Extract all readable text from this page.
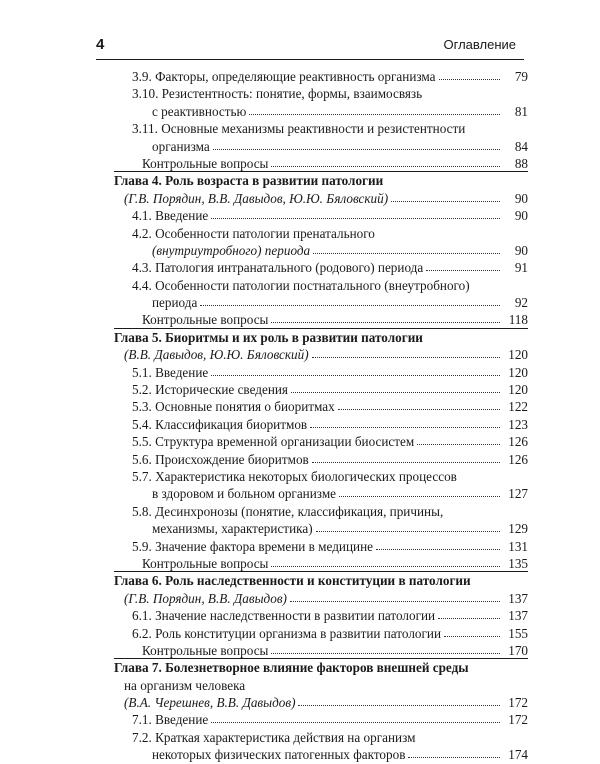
4	Оглавление
3.9. Факторы, определяющие реактивность организма	79
3.10. Резистентность: понятие, формы, взаимосвязь
с реактивностью	81
3.11. Основные механизмы реактивности и резистентности
организма	84
Контрольные вопросы	88
Глава 4. Роль возраста в развитии патологии
(Г.В. Порядин, В.В. Давыдов, Ю.Ю. Бяловский)	90
4.1. Введение	90
4.2. Особенности патологии пренатального
(внутриутробного) периода	90
4.3. Патология интранатального (родового) периода	91
4.4. Особенности патологии постнатального (внеутробного)
периода	92
Контрольные вопросы	118
Глава 5. Биоритмы и их роль в развитии патологии
(В.В. Давыдов, Ю.Ю. Бяловский)	120
5.1. Введение	120
5.2. Исторические сведения	120
5.3. Основные понятия о биоритмах	122
5.4. Классификация биоритмов	123
5.5. Структура временной организации биосистем	126
5.6. Происхождение биоритмов	126
5.7. Характеристика некоторых биологических процессов
в здоровом и больном организме	127
5.8. Десинхронозы (понятие, классификация, причины,
механизмы, характеристика)	129
5.9. Значение фактора времени в медицине	131
Контрольные вопросы	135
Глава 6. Роль наследственности и конституции в патологии
(Г.В. Порядин, В.В. Давыдов)	137
6.1. Значение наследственности в развитии патологии	137
6.2. Роль конституции организма в развитии патологии	155
Контрольные вопросы	170
Глава 7. Болезнетворное влияние факторов внешней среды
на организм человека
(В.А. Черешнев, В.В. Давыдов)	172
7.1. Введение	172
7.2. Краткая характеристика действия на организм
некоторых физических патогенных факторов	174
